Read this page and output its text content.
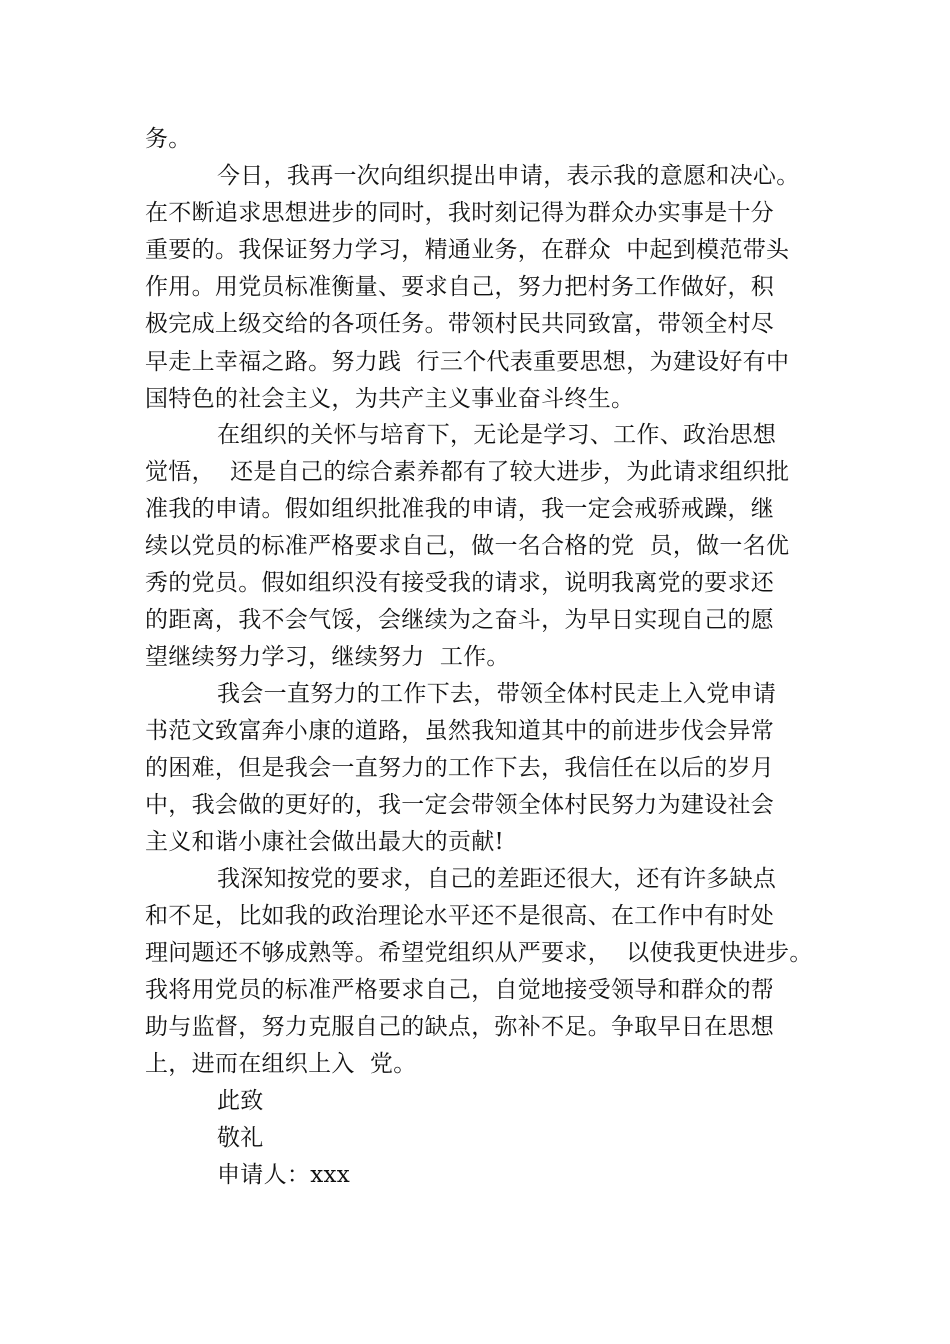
务。

今日，我再一次向组织提出申请，表示我的意愿和决心。

在不断追求思想进步的同时，我时刻记得为群众办实事是十分

重要的。我保证努力学习，精通业务，在群众  中起到模范带头

作用。用党员标准衡量、要求自己，努力把村务工作做好，积

极完成上级交给的各项任务。带领村民共同致富，带领全村尽

早走上幸福之路。努力践  行三个代表重要思想，为建设好有中

国特色的社会主义，为共产主义事业奋斗终生。

在组织的关怀与培育下，无论是学习、工作、政治思想

觉悟，  还是自己的综合素养都有了较大进步，为此请求组织批

准我的申请。假如组织批准我的申请，我一定会戒骄戒躁，继

续以党员的标准严格要求自己，做一名合格的党  员，做一名优

秀的党员。假如组织没有接受我的请求，说明我离党的要求还

的距离，我不会气馁，会继续为之奋斗，为早日实现自己的愿

望继续努力学习，继续努力  工作。

我会一直努力的工作下去，带领全体村民走上入党申请

书范文致富奔小康的道路，虽然我知道其中的前进步伐会异常

的困难，但是我会一直努力的工作下去，我信任在以后的岁月

中，我会做的更好的，我一定会带领全体村民努力为建设社会

主义和谐小康社会做出最大的贡献!

我深知按党的要求，自己的差距还很大，还有许多缺点

和不足，比如我的政治理论水平还不是很高、在工作中有时处

理问题还不够成熟等。希望党组织从严要求，  以使我更快进步。

我将用党员的标准严格要求自己，自觉地接受领导和群众的帮

助与监督，努力克服自己的缺点，弥补不足。争取早日在思想

上，进而在组织上入  党。

此致

敬礼

申请人：xxx
